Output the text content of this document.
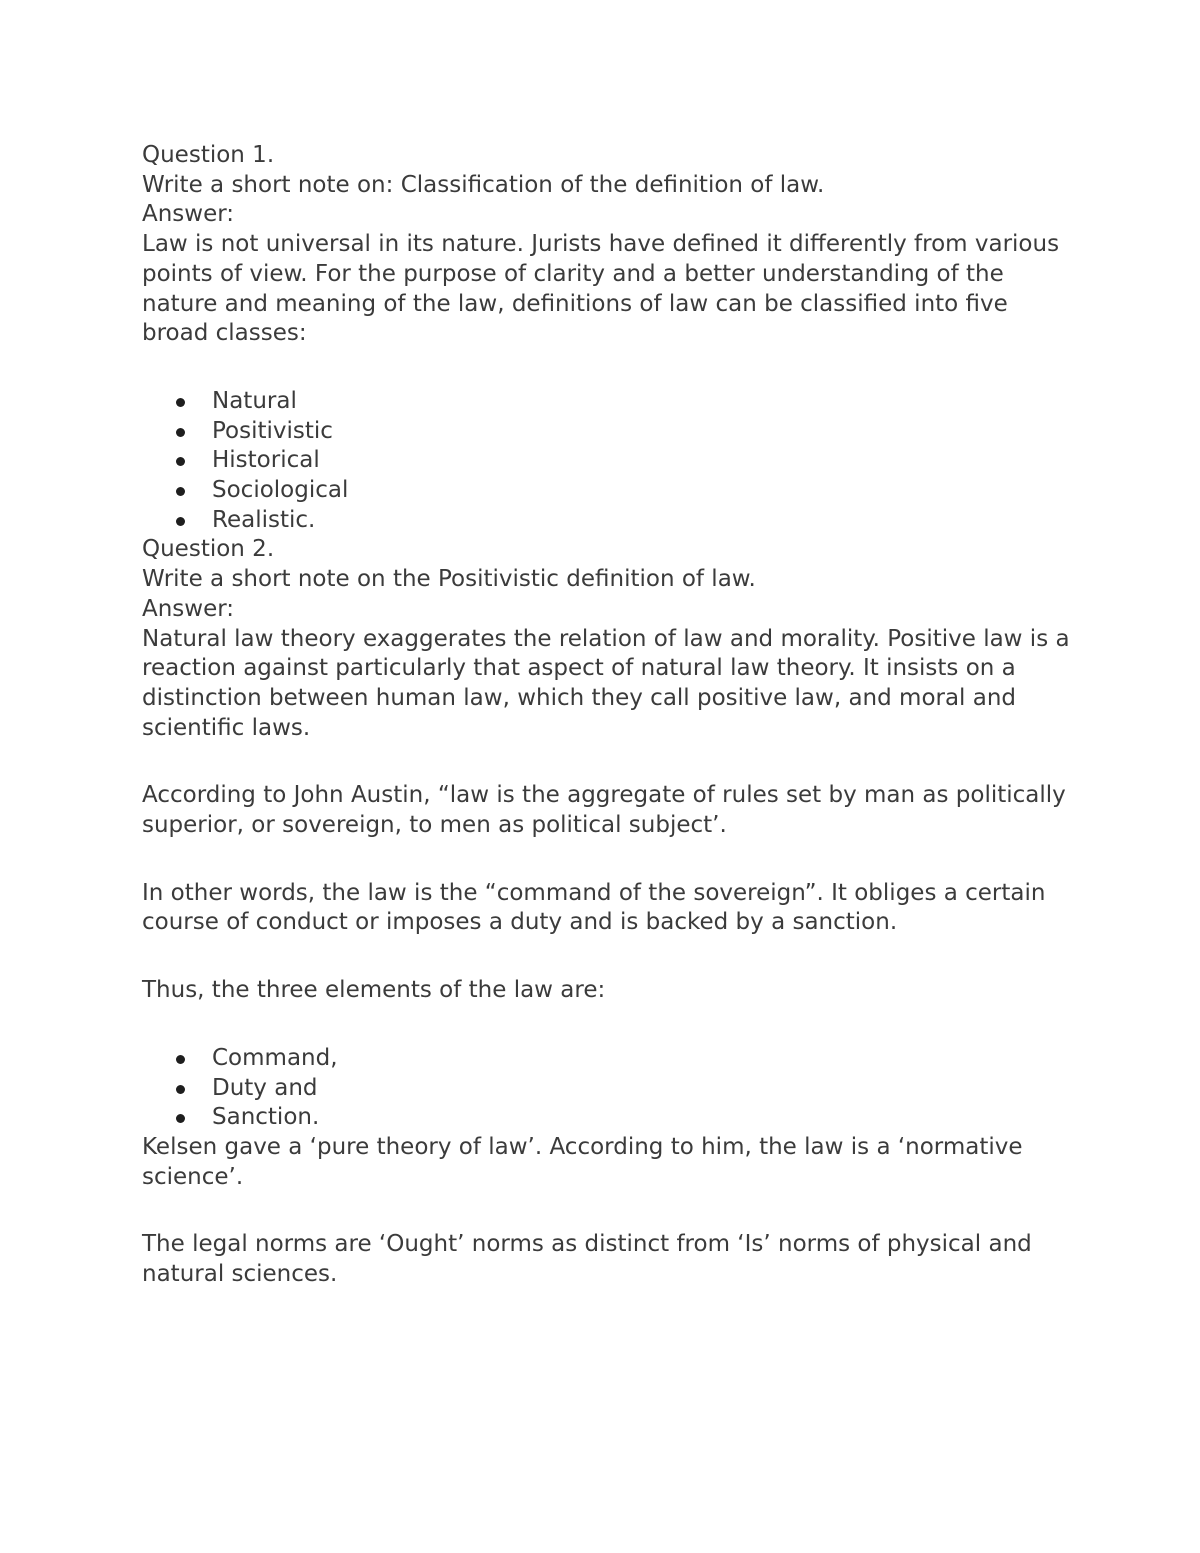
Question 1.

Write a short note on: Classification of the definition of law.

Answer:

Law is not universal in its nature. Jurists have defined it differently from various points of view. For the purpose of clarity and a better understanding of the nature and meaning of the law, definitions of law can be classified into five broad classes:

Natural
Positivistic
Historical
Sociological
Realistic.

Question 2.

Write a short note on the Positivistic definition of law.

Answer:

Natural law theory exaggerates the relation of law and morality. Positive law is a reaction against particularly that aspect of natural law theory. It insists on a distinction between human law, which they call positive law, and moral and scientific laws.

According to John Austin, “law is the aggregate of rules set by man as politically superior, or sovereign, to men as political subject’.

In other words, the law is the “command of the sovereign”. It obliges a certain course of conduct or imposes a duty and is backed by a sanction.

Thus, the three elements of the law are:

Command,
Duty and
Sanction.

Kelsen gave a ‘pure theory of law’. According to him, the law is a ‘normative science’.

The legal norms are ‘Ought’ norms as distinct from ‘Is’ norms of physical and natural sciences.
